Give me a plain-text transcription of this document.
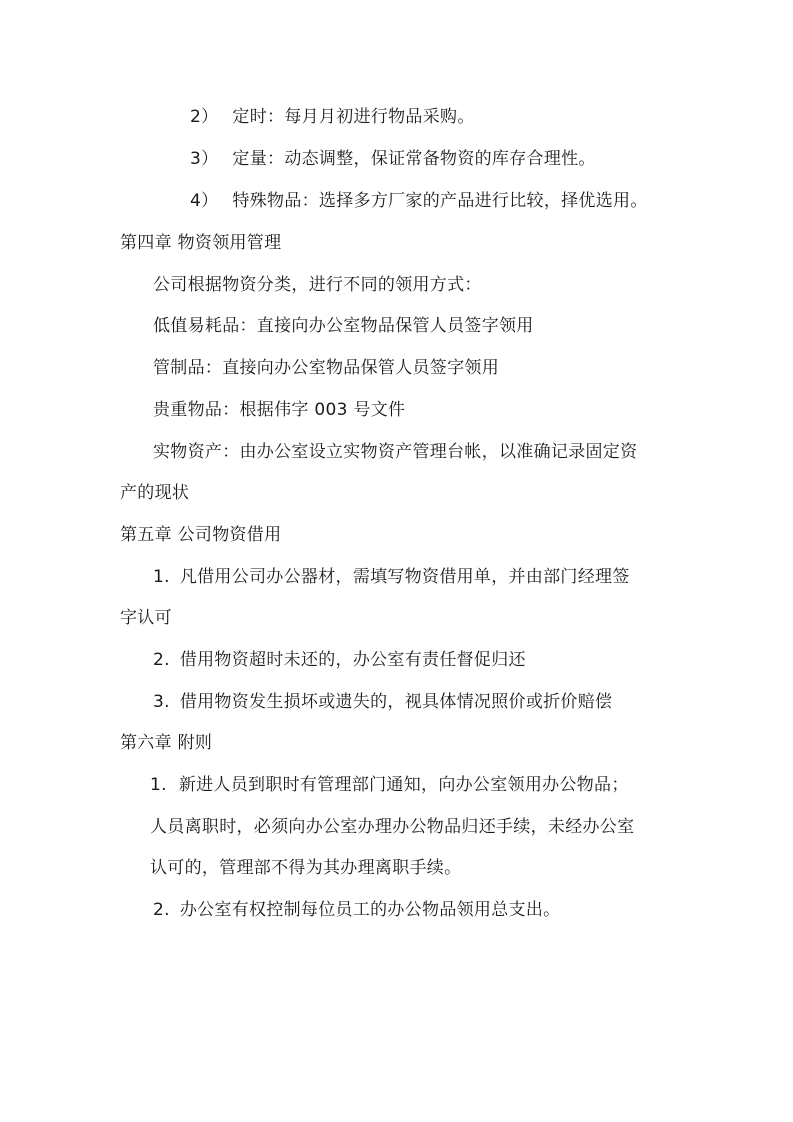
2） 定时：每月月初进行物品采购。
3） 定量：动态调整，保证常备物资的库存合理性。
4） 特殊物品：选择多方厂家的产品进行比较，择优选用。
第四章 物资领用管理
公司根据物资分类，进行不同的领用方式：
低值易耗品：直接向办公室物品保管人员签字领用
管制品：直接向办公室物品保管人员签字领用
贵重物品：根据伟字 003 号文件
实物资产：由办公室设立实物资产管理台帐，以准确记录固定资
产的现状
第五章 公司物资借用
1. 凡借用公司办公器材，需填写物资借用单，并由部门经理签
字认可
2. 借用物资超时未还的，办公室有责任督促归还
3. 借用物资发生损坏或遗失的，视具体情况照价或折价赔偿
第六章 附则
1. 新进人员到职时有管理部门通知，向办公室领用办公物品；
人员离职时，必须向办公室办理办公物品归还手续，未经办公室
认可的，管理部不得为其办理离职手续。
2. 办公室有权控制每位员工的办公物品领用总支出。
